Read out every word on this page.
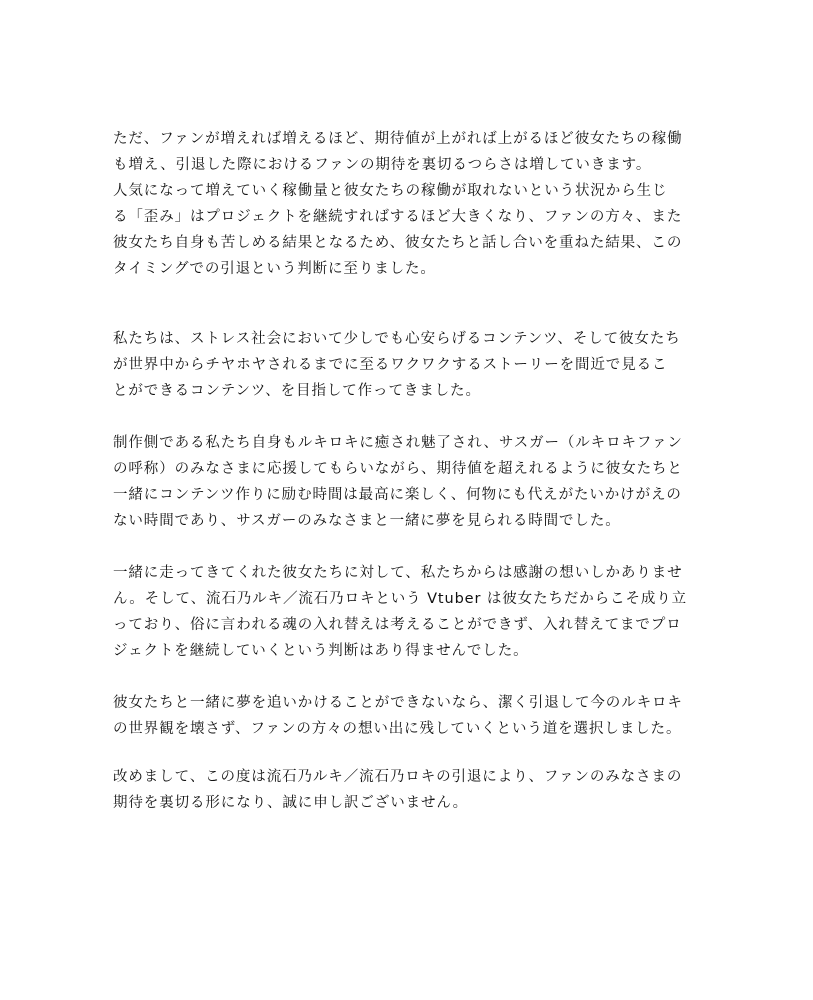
ただ、ファンが増えれば増えるほど、期待値が上がれば上がるほど彼女たちの稼働
も増え、引退した際におけるファンの期待を裏切るつらさは増していきます。
人気になって増えていく稼働量と彼女たちの稼働が取れないという状況から生じ
る「歪み」はプロジェクトを継続すればするほど大きくなり、ファンの方々、また
彼女たち自身も苦しめる結果となるため、彼女たちと話し合いを重ねた結果、この
タイミングでの引退という判断に至りました。

私たちは、ストレス社会において少しでも心安らげるコンテンツ、そして彼女たち
が世界中からチヤホヤされるまでに至るワクワクするストーリーを間近で見るこ
とができるコンテンツ、を目指して作ってきました。

制作側である私たち自身もルキロキに癒され魅了され、サスガー（ルキロキファン
の呼称）のみなさまに応援してもらいながら、期待値を超えれるように彼女たちと
一緒にコンテンツ作りに励む時間は最高に楽しく、何物にも代えがたいかけがえの
ない時間であり、サスガーのみなさまと一緒に夢を見られる時間でした。

一緒に走ってきてくれた彼女たちに対して、私たちからは感謝の想いしかありませ
ん。そして、流石乃ルキ／流石乃ロキという Vtuber は彼女たちだからこそ成り立
っており、俗に言われる魂の入れ替えは考えることができず、入れ替えてまでプロ
ジェクトを継続していくという判断はあり得ませんでした。

彼女たちと一緒に夢を追いかけることができないなら、潔く引退して今のルキロキ
の世界観を壊さず、ファンの方々の想い出に残していくという道を選択しました。

改めまして、この度は流石乃ルキ／流石乃ロキの引退により、ファンのみなさまの
期待を裏切る形になり、誠に申し訳ございません。
